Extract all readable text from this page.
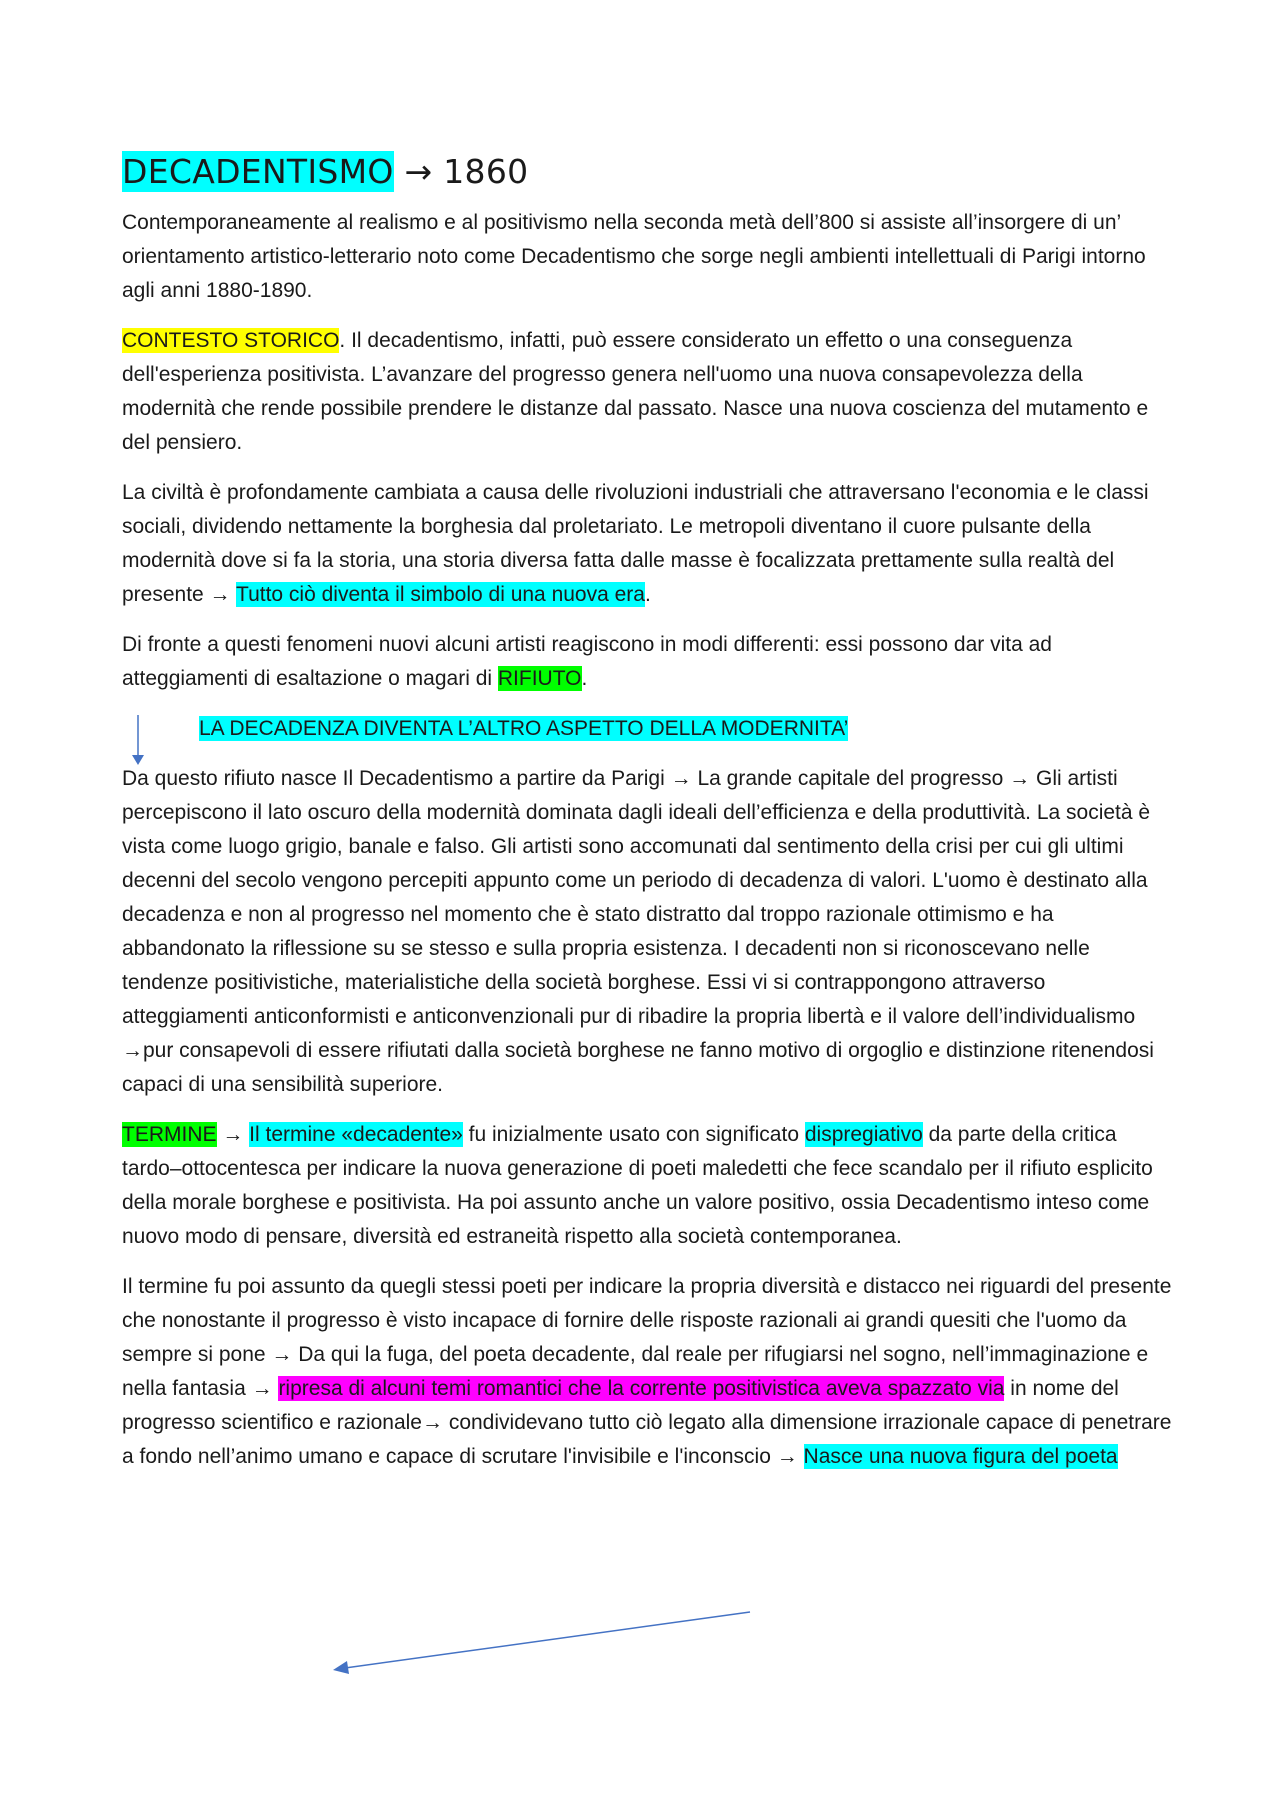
DECADENTISMO → 1860

Contemporaneamente al realismo e al positivismo nella seconda metà dell’800 si assiste all’insorgere di un’ orientamento artistico-letterario noto come Decadentismo che sorge negli ambienti intellettuali di Parigi intorno agli anni 1880-1890.

CONTESTO STORICO. Il decadentismo, infatti, può essere considerato un effetto o una conseguenza dell'esperienza positivista. L’avanzare del progresso genera nell'uomo una nuova consapevolezza della modernità che rende possibile prendere le distanze dal passato. Nasce una nuova coscienza del mutamento e del pensiero.

La civiltà è profondamente cambiata a causa delle rivoluzioni industriali che attraversano l'economia e le classi sociali, dividendo nettamente la borghesia dal proletariato. Le metropoli diventano il cuore pulsante della modernità dove si fa la storia, una storia diversa fatta dalle masse è focalizzata prettamente sulla realtà del presente → Tutto ciò diventa il simbolo di una nuova era.

Di fronte a questi fenomeni nuovi alcuni artisti reagiscono in modi differenti: essi possono dar vita ad atteggiamenti di esaltazione o magari di RIFIUTO.

LA DECADENZA DIVENTA L’ALTRO ASPETTO DELLA MODERNITA’

Da questo rifiuto nasce Il Decadentismo a partire da Parigi → La grande capitale del progresso → Gli artisti percepiscono il lato oscuro della modernità dominata dagli ideali dell’efficienza e della produttività. La società è vista come luogo grigio, banale e falso. Gli artisti sono accomunati dal sentimento della crisi per cui gli ultimi decenni del secolo vengono percepiti appunto come un periodo di decadenza di valori. L'uomo è destinato alla decadenza e non al progresso nel momento che è stato distratto dal troppo razionale ottimismo e ha abbandonato la riflessione su se stesso e sulla propria esistenza. I decadenti non si riconoscevano nelle tendenze positivistiche, materialistiche della società borghese. Essi vi si contrappongono attraverso atteggiamenti anticonformisti e anticonvenzionali pur di ribadire la propria libertà e il valore dell’individualismo →pur consapevoli di essere rifiutati dalla società borghese ne fanno motivo di orgoglio e distinzione ritenendosi capaci di una sensibilità superiore.

TERMINE → Il termine «decadente» fu inizialmente usato con significato dispregiativo da parte della critica tardo–ottocentesca per indicare la nuova generazione di poeti maledetti che fece scandalo per il rifiuto esplicito della morale borghese e positivista. Ha poi assunto anche un valore positivo, ossia Decadentismo inteso come nuovo modo di pensare, diversità ed estraneità rispetto alla società contemporanea.

Il termine fu poi assunto da quegli stessi poeti per indicare la propria diversità e distacco nei riguardi del presente che nonostante il progresso è visto incapace di fornire delle risposte razionali ai grandi quesiti che l'uomo da sempre si pone → Da qui la fuga, del poeta decadente, dal reale per rifugiarsi nel sogno, nell’immaginazione e nella fantasia → ripresa di alcuni temi romantici che la corrente positivistica aveva spazzato via in nome del progresso scientifico e razionale→ condividevano tutto ciò legato alla dimensione irrazionale capace di penetrare a fondo nell’animo umano e capace di scrutare l'invisibile e l'inconscio → Nasce una nuova figura del poeta
